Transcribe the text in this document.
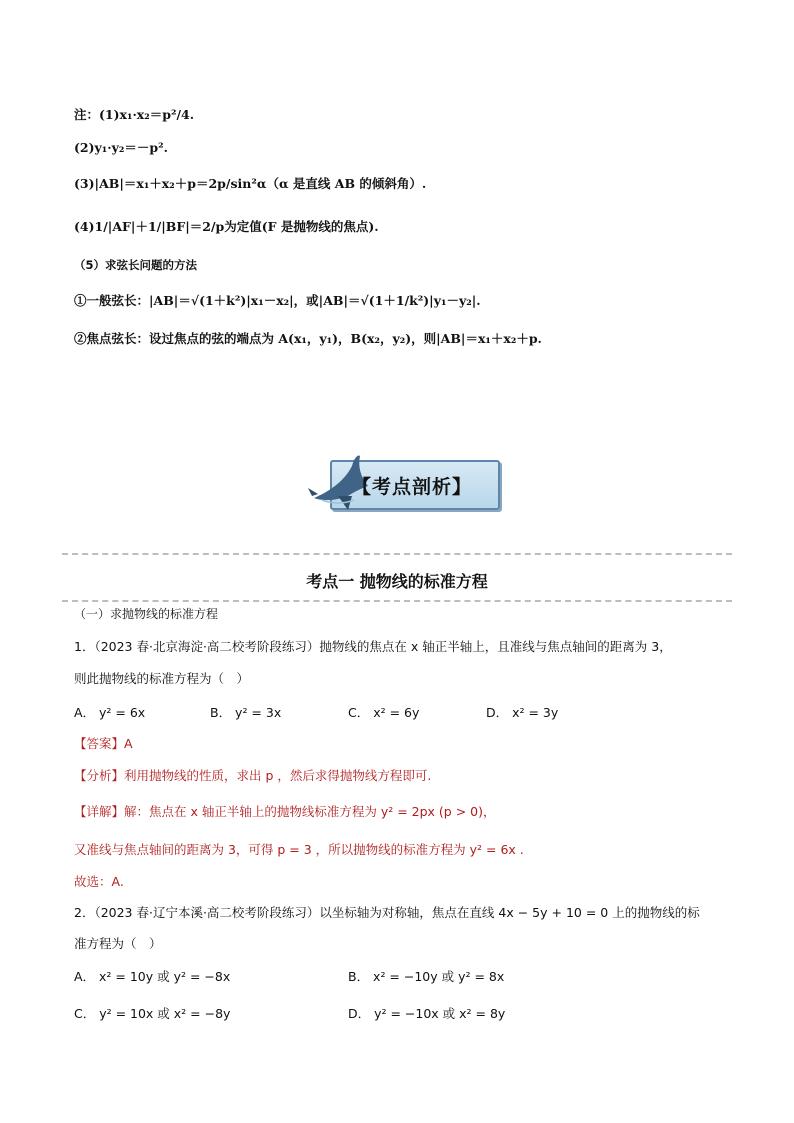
注：(1)x₁·x₂＝p²/4.
(2)y₁·y₂＝－p².
(3)|AB|＝x₁＋x₂＋p＝2p/sin²α（α 是直线 AB 的倾斜角）.
(4)1/|AF|＋1/|BF|＝2/p为定值(F 是抛物线的焦点).
（5）求弦长问题的方法
①一般弦长：|AB|＝√(1＋k²)|x₁－x₂|，或|AB|＝√(1＋1/k²)|y₁－y₂|.
②焦点弦长：设过焦点的弦的端点为 A(x₁，y₁)，B(x₂，y₂)，则|AB|＝x₁＋x₂＋p.
【考点剖析】
考点一 抛物线的标准方程
（一）求抛物线的标准方程
1．（2023 春·北京海淀·高二校考阶段练习）抛物线的焦点在 x 轴正半轴上，且准线与焦点轴间的距离为 3，
则此抛物线的标准方程为（　）
A． y² = 6x	B． y² = 3x	C． x² = 6y	D． x² = 3y
【答案】A
【分析】利用抛物线的性质，求出 p ，然后求得抛物线方程即可.
【详解】解：焦点在 x 轴正半轴上的抛物线标准方程为 y² = 2px (p > 0)，
又准线与焦点轴间的距离为 3，可得 p = 3 ，所以抛物线的标准方程为 y² = 6x .
故选：A.
2．（2023 春·辽宁本溪·高二校考阶段练习）以坐标轴为对称轴，焦点在直线 4x − 5y + 10 = 0 上的抛物线的标
准方程为（　）
A． x² = 10y 或 y² = −8x	B． x² = −10y 或 y² = 8x
C． y² = 10x 或 x² = −8y	D． y² = −10x 或 x² = 8y
